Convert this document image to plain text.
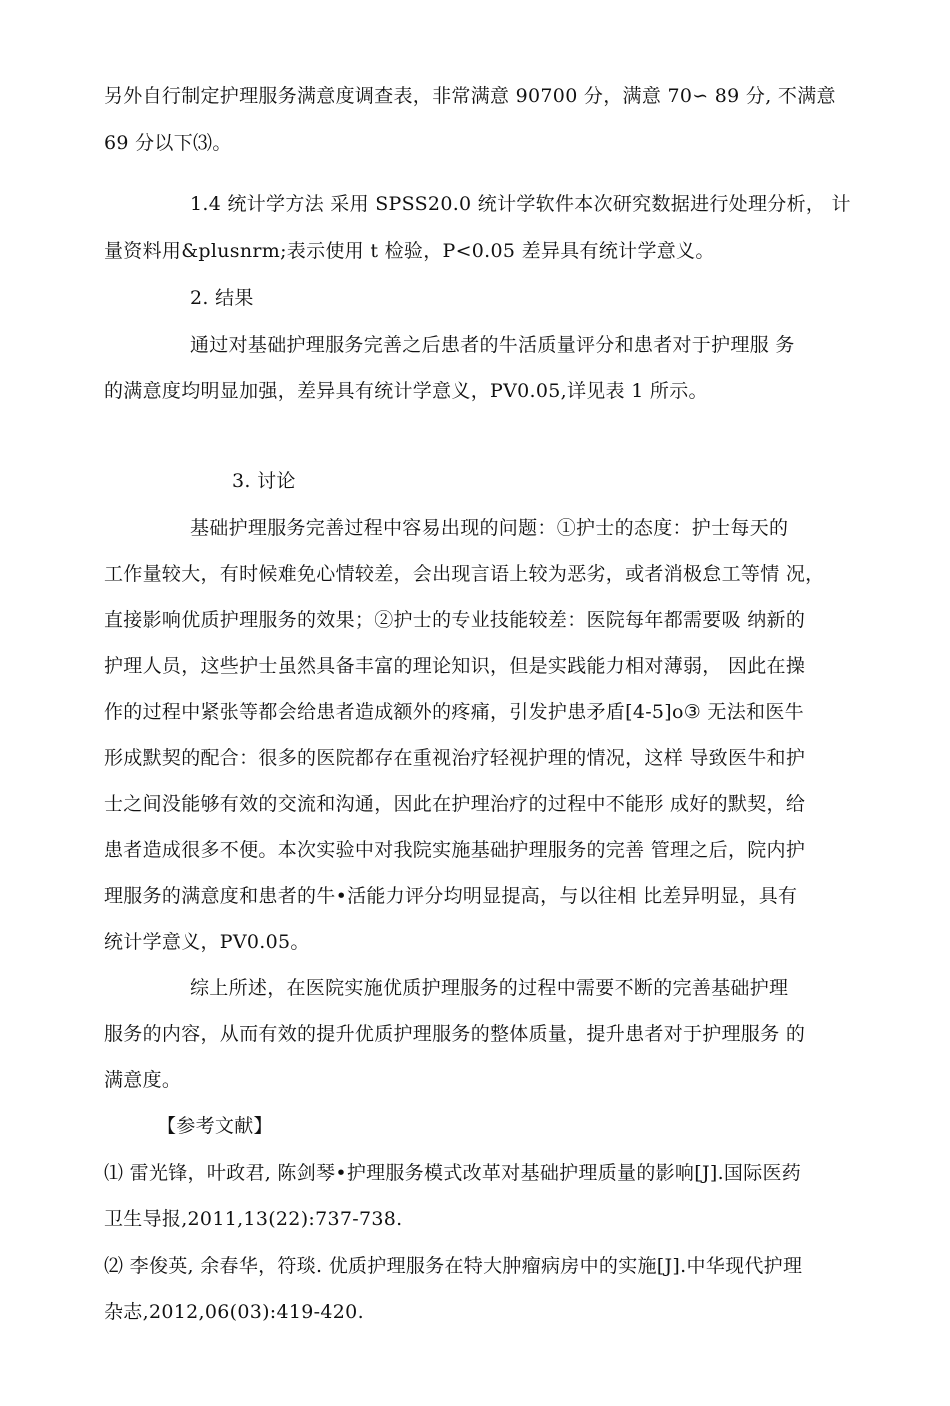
另外自行制定护理服务满意度调查表，非常满意 90700 分，满意 70∽ 89 分, 不满意
69 分以下⑶。
1.4 统计学方法 采用 SPSS20.0 统计学软件本次研究数据进行处理分析， 计
量资料用&plusnrm;表示使用 t 检验，P<0.05 差异具有统计学意义。
2. 结果
通过对基础护理服务完善之后患者的牛活质量评分和患者对于护理服 务
的满意度均明显加强，差异具有统计学意义，PV0.05,详见表 1 所示。
3. 讨论
基础护理服务完善过程中容易出现的问题：①护士的态度：护士每天的
工作量较大，有时候难免心情较差，会出现言语上较为恶劣，或者消极怠工等情 况，
直接影响优质护理服务的效果；②护士的专业技能较差：医院每年都需要吸 纳新的
护理人员，这些护士虽然具备丰富的理论知识，但是实践能力相对薄弱， 因此在操
作的过程中紧张等都会给患者造成额外的疼痛，引发护患矛盾[4-5]o③ 无法和医牛
形成默契的配合：很多的医院都存在重视治疗轻视护理的情况，这样 导致医牛和护
士之间没能够有效的交流和沟通，因此在护理治疗的过程中不能形 成好的默契，给
患者造成很多不便。本次实验中对我院实施基础护理服务的完善 管理之后，院内护
理服务的满意度和患者的牛•活能力评分均明显提高，与以往相 比差异明显，具有
统计学意义，PV0.05。
综上所述，在医院实施优质护理服务的过程中需要不断的完善基础护理
服务的内容，从而有效的提升优质护理服务的整体质量，提升患者对于护理服务 的
满意度。
【参考文献】
⑴ 雷光锋，叶政君, 陈剑琴•护理服务模式改革对基础护理质量的影响[J].国际医药
卫生导报,2011,13(22):737-738.
⑵ 李俊英, 余春华，符琰. 优质护理服务在特大肿瘤病房中的实施[J].中华现代护理
杂志,2012,06(03):419-420.
